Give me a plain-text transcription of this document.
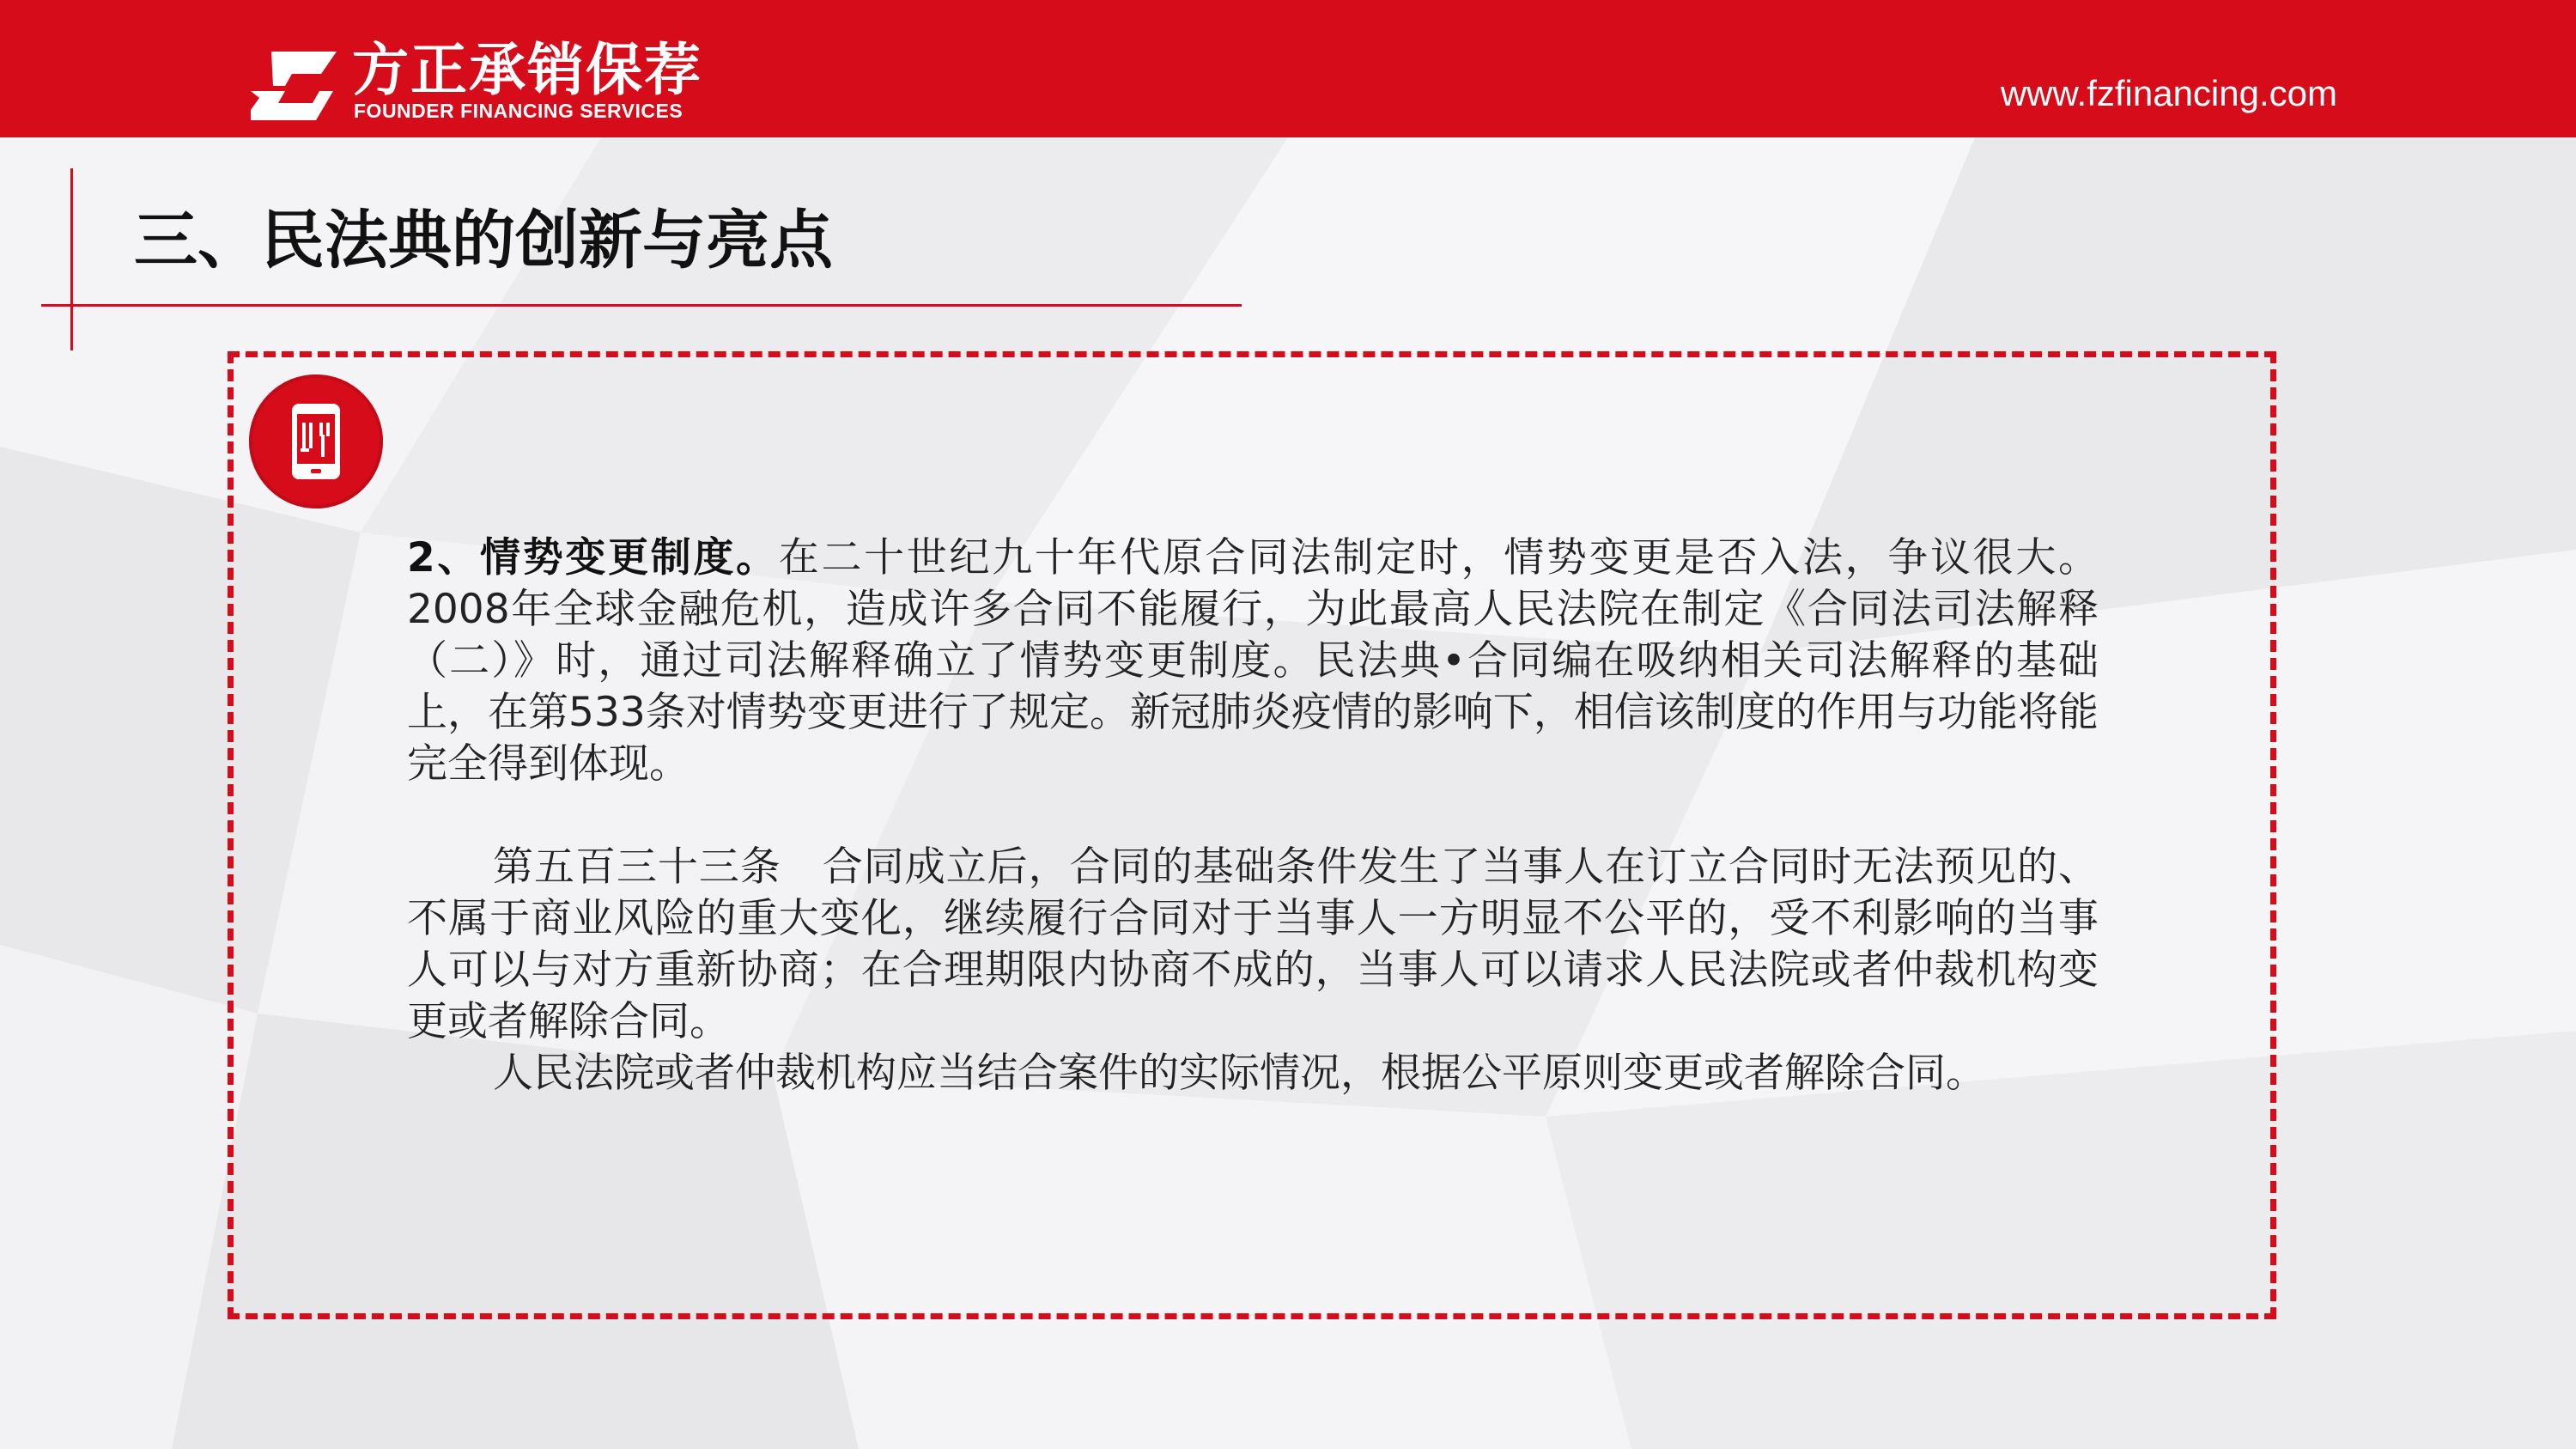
方正承销保荐
FOUNDER FINANCING SERVICES	www.fzfinancing.com
三、民法典的创新与亮点

2、情势变更制度。在二十世纪九十年代原合同法制定时，情势变更是否入法，争议很大。2008年全球金融危机，造成许多合同不能履行，为此最高人民法院在制定《合同法司法解释（二）》时，通过司法解释确立了情势变更制度。民法典•合同编在吸纳相关司法解释的基础上，在第533条对情势变更进行了规定。新冠肺炎疫情的影响下，相信该制度的作用与功能将能完全得到体现。

第五百三十三条　合同成立后，合同的基础条件发生了当事人在订立合同时无法预见的、不属于商业风险的重大变化，继续履行合同对于当事人一方明显不公平的，受不利影响的当事人可以与对方重新协商；在合理期限内协商不成的，当事人可以请求人民法院或者仲裁机构变更或者解除合同。

人民法院或者仲裁机构应当结合案件的实际情况，根据公平原则变更或者解除合同。
